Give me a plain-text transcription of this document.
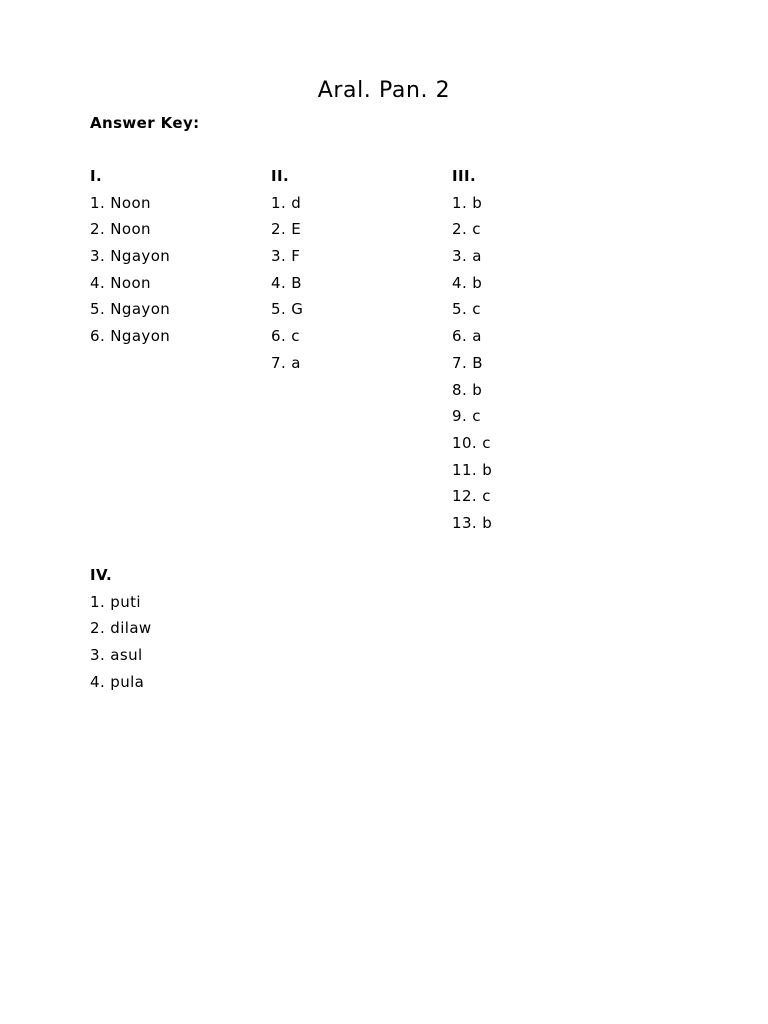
Aral. Pan. 2
Answer Key:
I.
1. Noon
2. Noon
3. Ngayon
4. Noon
5. Ngayon
6. Ngayon
II.
1. d
2. E
3. F
4. B
5. G
6. c
7. a
III.
1. b
2. c
3. a
4. b
5. c
6. a
7. B
8. b
9. c
10. c
11. b
12. c
13. b
IV.
1. puti
2. dilaw
3. asul
4. pula
